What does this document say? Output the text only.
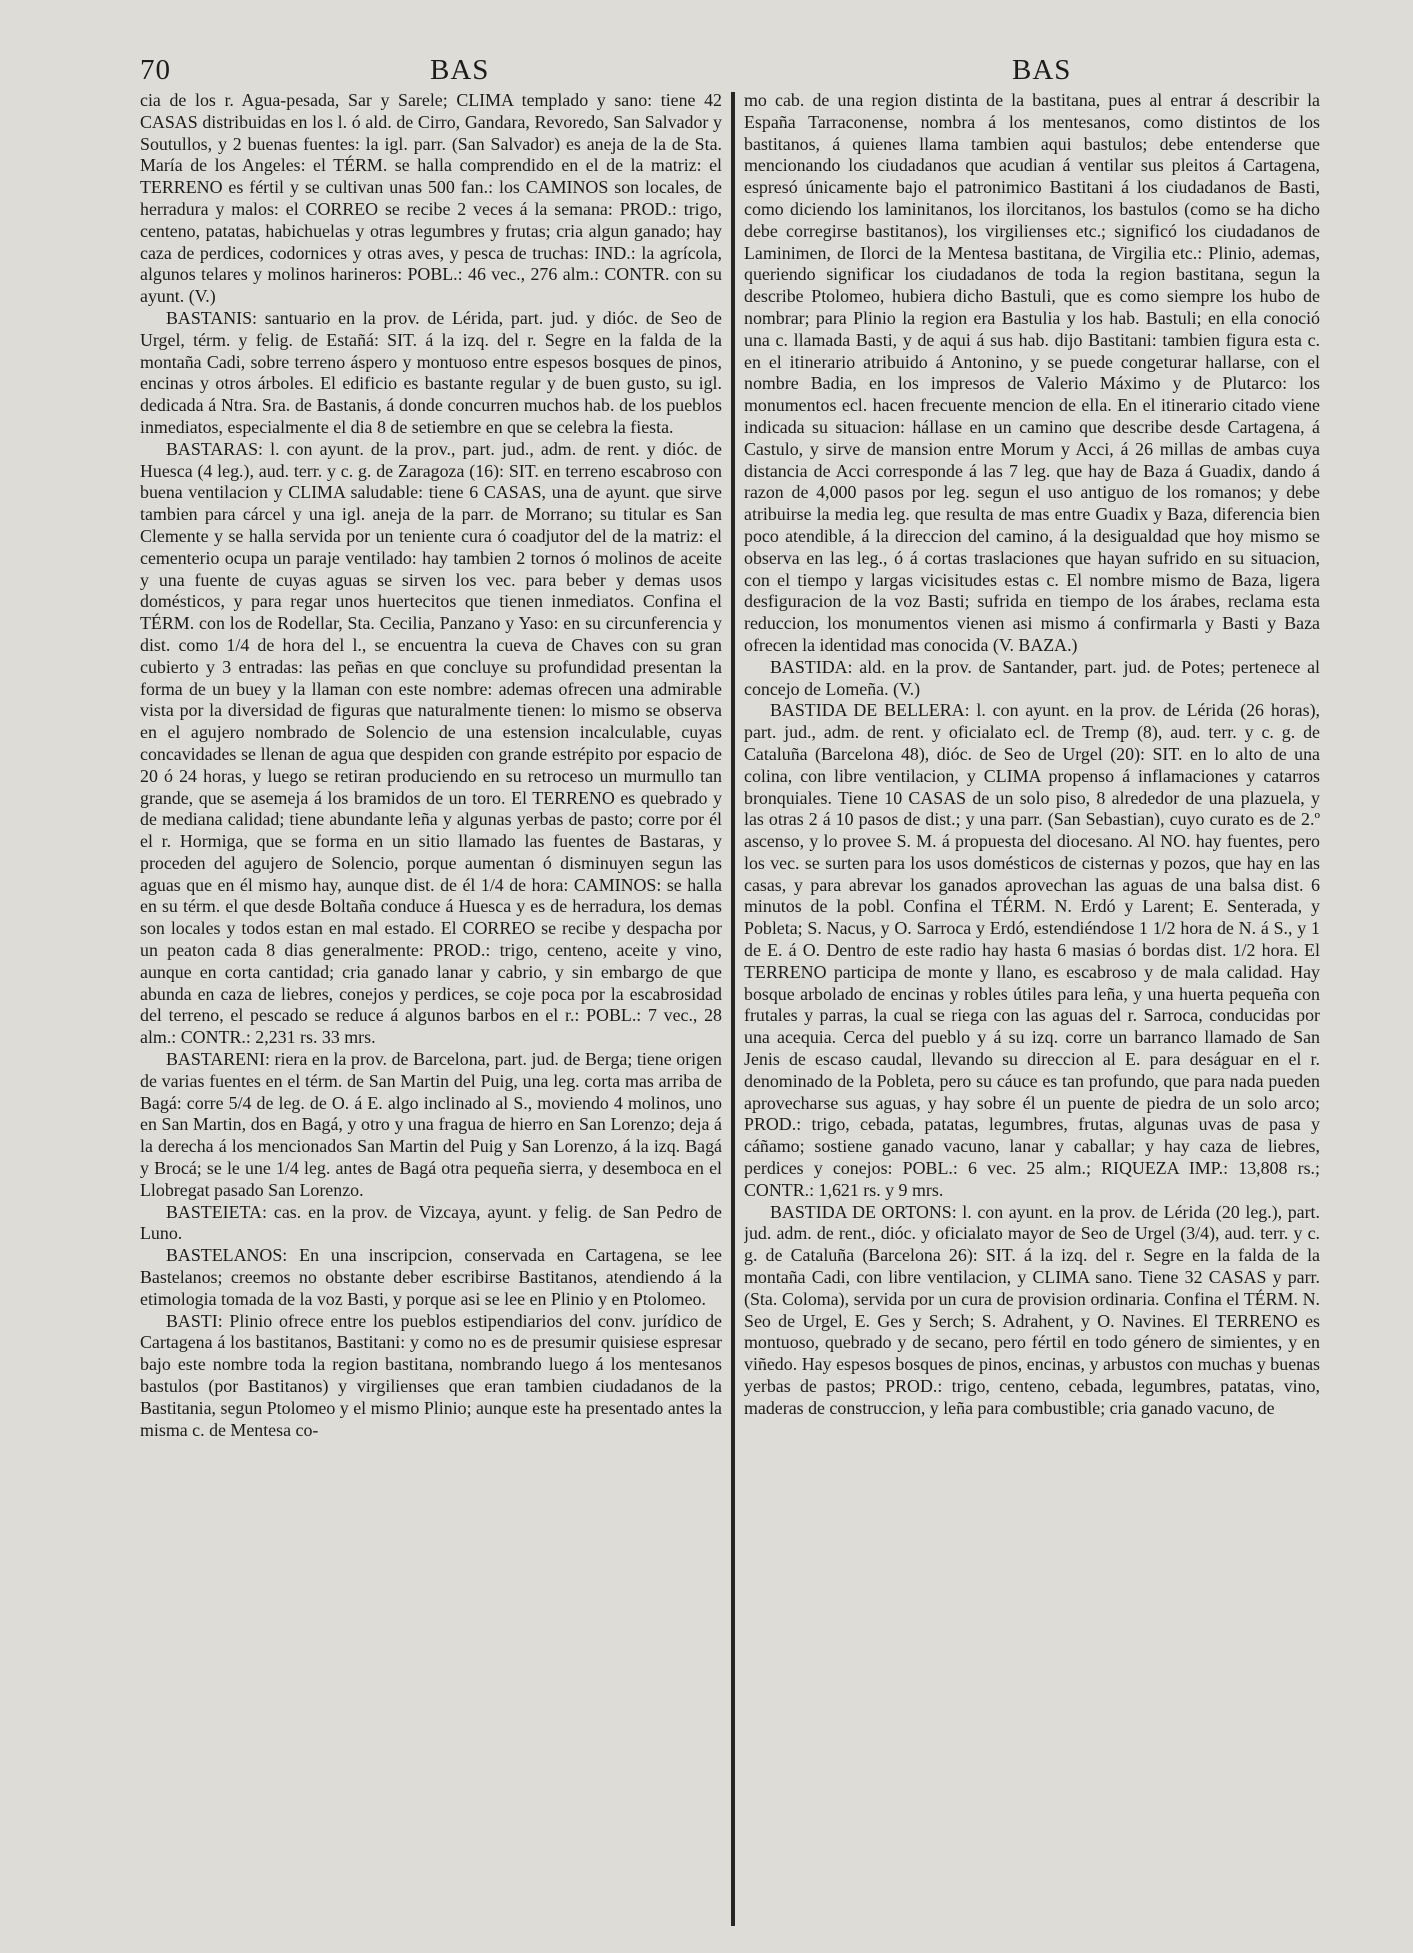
70	BAS	BAS

cia de los r. Agua-pesada, Sar y Sarele; CLIMA templado y sano: tiene 42 CASAS distribuidas en los l. ó ald. de Cirro, Gandara, Revoredo, San Salvador y Soutullos, y 2 buenas fuentes: la igl. parr. (San Salvador) es aneja de la de Sta. María de los Angeles: el TÉRM. se halla comprendido en el de la matriz: el TERRENO es fértil y se cultivan unas 500 fan.: los CAMINOS son locales, de herradura y malos: el CORREO se recibe 2 veces á la semana: PROD.: trigo, centeno, patatas, habichuelas y otras legumbres y frutas; cria algun ganado; hay caza de perdices, codornices y otras aves, y pesca de truchas: IND.: la agrícola, algunos telares y molinos harineros: POBL.: 46 vec., 276 alm.: CONTR. con su ayunt. (V.)

BASTANIS: santuario en la prov. de Lérida, part. jud. y dióc. de Seo de Urgel, térm. y felig. de Estañá: SIT. á la izq. del r. Segre en la falda de la montaña Cadi, sobre terreno áspero y montuoso entre espesos bosques de pinos, encinas y otros árboles. El edificio es bastante regular y de buen gusto, su igl. dedicada á Ntra. Sra. de Bastanis, á donde concurren muchos hab. de los pueblos inmediatos, especialmente el dia 8 de setiembre en que se celebra la fiesta.

BASTARAS: l. con ayunt. de la prov., part. jud., adm. de rent. y dióc. de Huesca (4 leg.), aud. terr. y c. g. de Zaragoza (16): SIT. en terreno escabroso con buena ventilacion y CLIMA saludable: tiene 6 CASAS, una de ayunt. que sirve tambien para cárcel y una igl. aneja de la parr. de Morrano; su titular es San Clemente y se halla servida por un teniente cura ó coadjutor del de la matriz: el cementerio ocupa un paraje ventilado: hay tambien 2 tornos ó molinos de aceite y una fuente de cuyas aguas se sirven los vec. para beber y demas usos domésticos, y para regar unos huertecitos que tienen inmediatos. Confina el TÉRM. con los de Rodellar, Sta. Cecilia, Panzano y Yaso: en su circunferencia y dist. como 1/4 de hora del l., se encuentra la cueva de Chaves con su gran cubierto y 3 entradas: las peñas en que concluye su profundidad presentan la forma de un buey y la llaman con este nombre: ademas ofrecen una admirable vista por la diversidad de figuras que naturalmente tienen: lo mismo se observa en el agujero nombrado de Solencio de una estension incalculable, cuyas concavidades se llenan de agua que despiden con grande estrépito por espacio de 20 ó 24 horas, y luego se retiran produciendo en su retroceso un murmullo tan grande, que se asemeja á los bramidos de un toro. El TERRENO es quebrado y de mediana calidad; tiene abundante leña y algunas yerbas de pasto; corre por él el r. Hormiga, que se forma en un sitio llamado las fuentes de Bastaras, y proceden del agujero de Solencio, porque aumentan ó disminuyen segun las aguas que en él mismo hay, aunque dist. de él 1/4 de hora: CAMINOS: se halla en su térm. el que desde Boltaña conduce á Huesca y es de herradura, los demas son locales y todos estan en mal estado. El CORREO se recibe y despacha por un peaton cada 8 dias generalmente: PROD.: trigo, centeno, aceite y vino, aunque en corta cantidad; cria ganado lanar y cabrio, y sin embargo de que abunda en caza de liebres, conejos y perdices, se coje poca por la escabrosidad del terreno, el pescado se reduce á algunos barbos en el r.: POBL.: 7 vec., 28 alm.: CONTR.: 2,231 rs. 33 mrs.

BASTARENI: riera en la prov. de Barcelona, part. jud. de Berga; tiene origen de varias fuentes en el térm. de San Martin del Puig, una leg. corta mas arriba de Bagá: corre 5/4 de leg. de O. á E. algo inclinado al S., moviendo 4 molinos, uno en San Martin, dos en Bagá, y otro y una fragua de hierro en San Lorenzo; deja á la derecha á los mencionados San Martin del Puig y San Lorenzo, á la izq. Bagá y Brocá; se le une 1/4 leg. antes de Bagá otra pequeña sierra, y desemboca en el Llobregat pasado San Lorenzo.

BASTEIETA: cas. en la prov. de Vizcaya, ayunt. y felig. de San Pedro de Luno.

BASTELANOS: En una inscripcion, conservada en Cartagena, se lee Bastelanos; creemos no obstante deber escribirse Bastitanos, atendiendo á la etimologia tomada de la voz Basti, y porque asi se lee en Plinio y en Ptolomeo.

BASTI: Plinio ofrece entre los pueblos estipendiarios del conv. jurídico de Cartagena á los bastitanos, Bastitani: y como no es de presumir quisiese espresar bajo este nombre toda la region bastitana, nombrando luego á los mentesanos bastulos (por Bastitanos) y virgilienses que eran tambien ciudadanos de la Bastitania, segun Ptolomeo y el mismo Plinio; aunque este ha presentado antes la misma c. de Mentesa co-

mo cab. de una region distinta de la bastitana, pues al entrar á describir la España Tarraconense, nombra á los mentesanos, como distintos de los bastitanos, á quienes llama tambien aqui bastulos; debe entenderse que mencionando los ciudadanos que acudian á ventilar sus pleitos á Cartagena, espresó únicamente bajo el patronimico Bastitani á los ciudadanos de Basti, como diciendo los laminitanos, los ilorcitanos, los bastulos (como se ha dicho debe corregirse bastitanos), los virgilienses etc.; significó los ciudadanos de Laminimen, de Ilorci de la Mentesa bastitana, de Virgilia etc.: Plinio, ademas, queriendo significar los ciudadanos de toda la region bastitana, segun la describe Ptolomeo, hubiera dicho Bastuli, que es como siempre los hubo de nombrar; para Plinio la region era Bastulia y los hab. Bastuli; en ella conoció una c. llamada Basti, y de aqui á sus hab. dijo Bastitani: tambien figura esta c. en el itinerario atribuido á Antonino, y se puede congeturar hallarse, con el nombre Badia, en los impresos de Valerio Máximo y de Plutarco: los monumentos ecl. hacen frecuente mencion de ella. En el itinerario citado viene indicada su situacion: hállase en un camino que describe desde Cartagena, á Castulo, y sirve de mansion entre Morum y Acci, á 26 millas de ambas cuya distancia de Acci corresponde á las 7 leg. que hay de Baza á Guadix, dando á razon de 4,000 pasos por leg. segun el uso antiguo de los romanos; y debe atribuirse la media leg. que resulta de mas entre Guadix y Baza, diferencia bien poco atendible, á la direccion del camino, á la desigualdad que hoy mismo se observa en las leg., ó á cortas traslaciones que hayan sufrido en su situacion, con el tiempo y largas vicisitudes estas c. El nombre mismo de Baza, ligera desfiguracion de la voz Basti; sufrida en tiempo de los árabes, reclama esta reduccion, los monumentos vienen asi mismo á confirmarla y Basti y Baza ofrecen la identidad mas conocida (V. BAZA.)

BASTIDA: ald. en la prov. de Santander, part. jud. de Potes; pertenece al concejo de Lomeña. (V.)

BASTIDA DE BELLERA: l. con ayunt. en la prov. de Lérida (26 horas), part. jud., adm. de rent. y oficialato ecl. de Tremp (8), aud. terr. y c. g. de Cataluña (Barcelona 48), dióc. de Seo de Urgel (20): SIT. en lo alto de una colina, con libre ventilacion, y CLIMA propenso á inflamaciones y catarros bronquiales. Tiene 10 CASAS de un solo piso, 8 alrededor de una plazuela, y las otras 2 á 10 pasos de dist.; y una parr. (San Sebastian), cuyo curato es de 2.º ascenso, y lo provee S. M. á propuesta del diocesano. Al NO. hay fuentes, pero los vec. se surten para los usos domésticos de cisternas y pozos, que hay en las casas, y para abrevar los ganados aprovechan las aguas de una balsa dist. 6 minutos de la pobl. Confina el TÉRM. N. Erdó y Larent; E. Senterada, y Pobleta; S. Nacus, y O. Sarroca y Erdó, estendiéndose 1 1/2 hora de N. á S., y 1 de E. á O. Dentro de este radio hay hasta 6 masias ó bordas dist. 1/2 hora. El TERRENO participa de monte y llano, es escabroso y de mala calidad. Hay bosque arbolado de encinas y robles útiles para leña, y una huerta pequeña con frutales y parras, la cual se riega con las aguas del r. Sarroca, conducidas por una acequia. Cerca del pueblo y á su izq. corre un barranco llamado de San Jenis de escaso caudal, llevando su direccion al E. para deságuar en el r. denominado de la Pobleta, pero su cáuce es tan profundo, que para nada pueden aprovecharse sus aguas, y hay sobre él un puente de piedra de un solo arco; PROD.: trigo, cebada, patatas, legumbres, frutas, algunas uvas de pasa y cáñamo; sostiene ganado vacuno, lanar y caballar; y hay caza de liebres, perdices y conejos: POBL.: 6 vec. 25 alm.; RIQUEZA IMP.: 13,808 rs.; CONTR.: 1,621 rs. y 9 mrs.

BASTIDA DE ORTONS: l. con ayunt. en la prov. de Lérida (20 leg.), part. jud. adm. de rent., dióc. y oficialato mayor de Seo de Urgel (3/4), aud. terr. y c. g. de Cataluña (Barcelona 26): SIT. á la izq. del r. Segre en la falda de la montaña Cadi, con libre ventilacion, y CLIMA sano. Tiene 32 CASAS y parr. (Sta. Coloma), servida por un cura de provision ordinaria. Confina el TÉRM. N. Seo de Urgel, E. Ges y Serch; S. Adrahent, y O. Navines. El TERRENO es montuoso, quebrado y de secano, pero fértil en todo género de simientes, y en viñedo. Hay espesos bosques de pinos, encinas, y arbustos con muchas y buenas yerbas de pastos; PROD.: trigo, centeno, cebada, legumbres, patatas, vino, maderas de construccion, y leña para combustible; cria ganado vacuno, de
